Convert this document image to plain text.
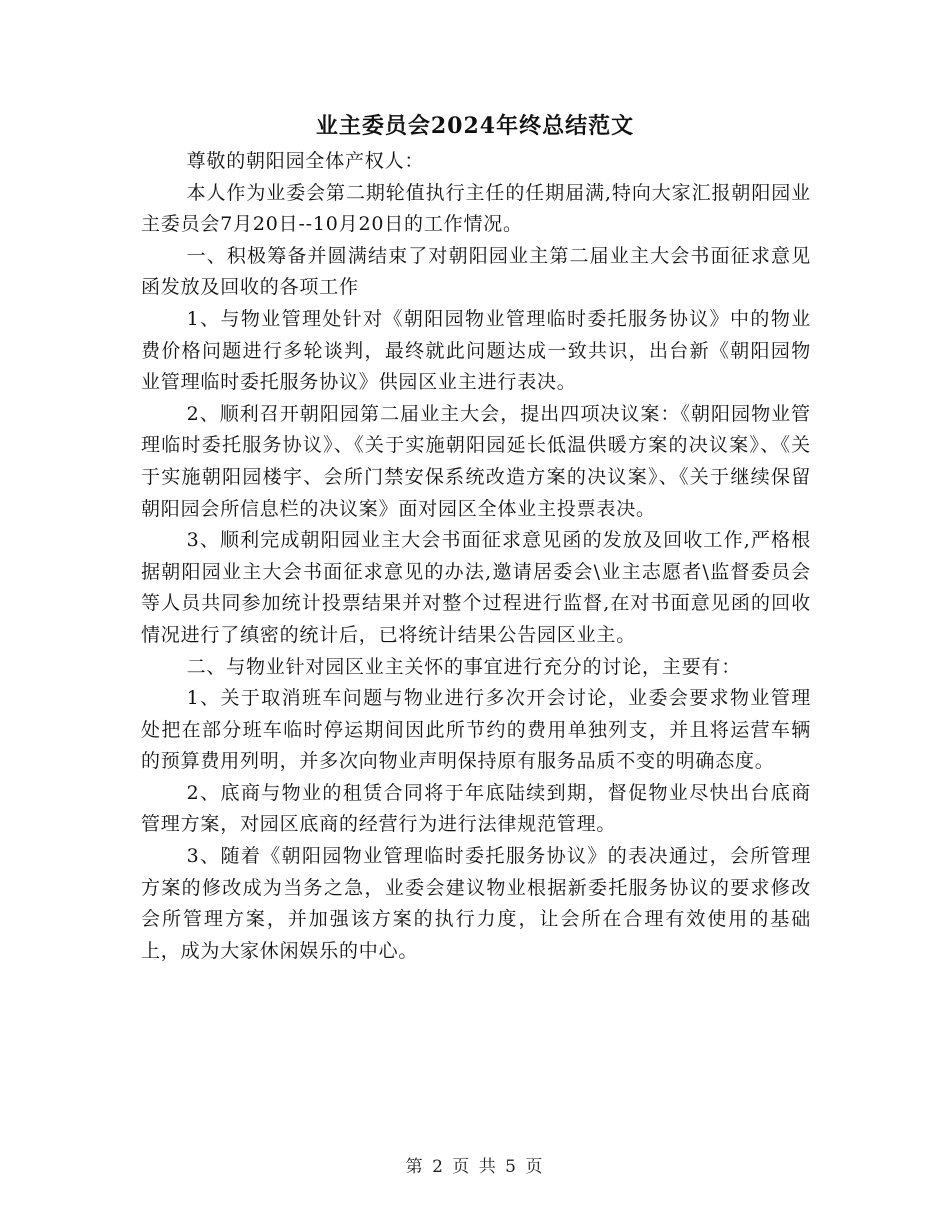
业主委员会2024年终总结范文

尊敬的朝阳园全体产权人：

本人作为业委会第二期轮值执行主任的任期届满,特向大家汇报朝阳园业主委员会7月20日--10月20日的工作情况。

一、积极筹备并圆满结束了对朝阳园业主第二届业主大会书面征求意见函发放及回收的各项工作

1、与物业管理处针对《朝阳园物业管理临时委托服务协议》中的物业费价格问题进行多轮谈判，最终就此问题达成一致共识，出台新《朝阳园物业管理临时委托服务协议》供园区业主进行表决。

2、顺利召开朝阳园第二届业主大会，提出四项决议案：《朝阳园物业管理临时委托服务协议》、《关于实施朝阳园延长低温供暖方案的决议案》、《关于实施朝阳园楼宇、会所门禁安保系统改造方案的决议案》、《关于继续保留朝阳园会所信息栏的决议案》面对园区全体业主投票表决。

3、顺利完成朝阳园业主大会书面征求意见函的发放及回收工作,严格根据朝阳园业主大会书面征求意见的办法,邀请居委会\业主志愿者\监督委员会等人员共同参加统计投票结果并对整个过程进行监督,在对书面意见函的回收情况进行了缜密的统计后，已将统计结果公告园区业主。

二、与物业针对园区业主关怀的事宜进行充分的讨论，主要有：

1、关于取消班车问题与物业进行多次开会讨论，业委会要求物业管理处把在部分班车临时停运期间因此所节约的费用单独列支，并且将运营车辆的预算费用列明，并多次向物业声明保持原有服务品质不变的明确态度。

2、底商与物业的租赁合同将于年底陆续到期，督促物业尽快出台底商管理方案，对园区底商的经营行为进行法律规范管理。

3、随着《朝阳园物业管理临时委托服务协议》的表决通过，会所管理方案的修改成为当务之急，业委会建议物业根据新委托服务协议的要求修改会所管理方案，并加强该方案的执行力度，让会所在合理有效使用的基础上，成为大家休闲娱乐的中心。

第 2 页 共 5 页
